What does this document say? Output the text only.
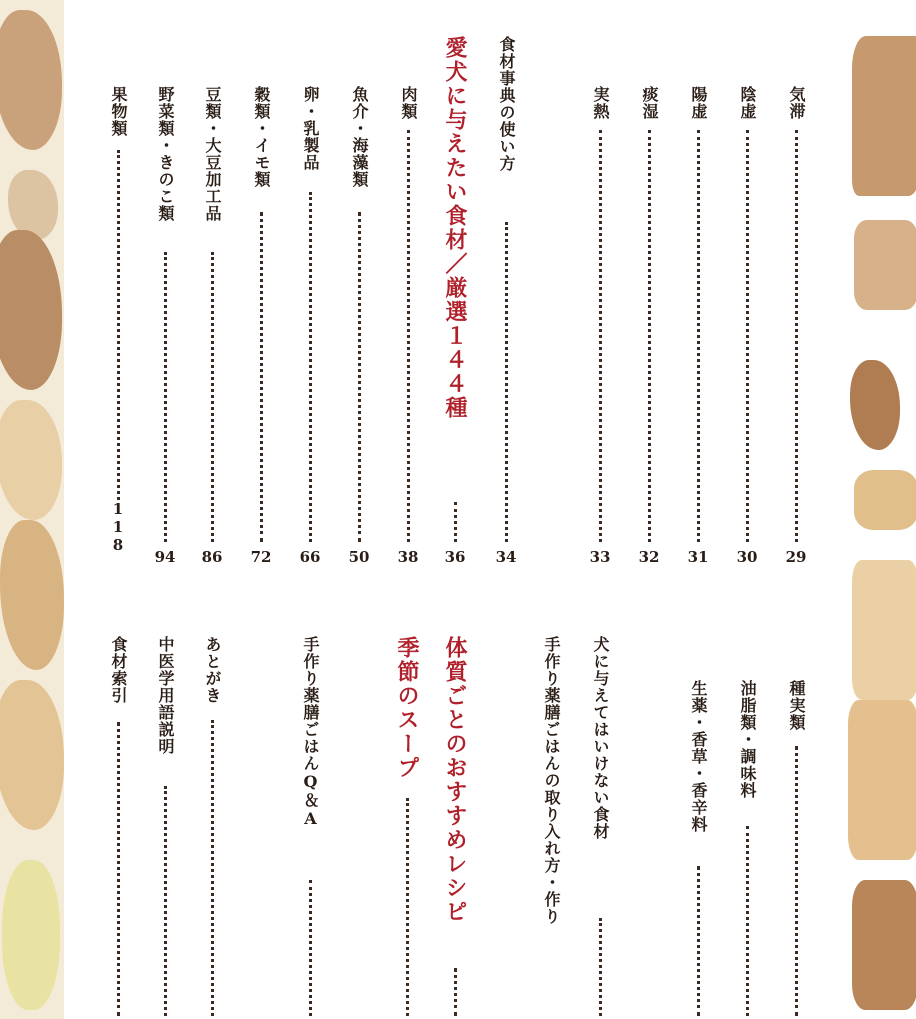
気滞
29
陰虚
30
陽虚
31
痰湿
32
実熱
33
食材事典の使い方
34
愛犬に与えたい食材／厳選１４４種
36
肉類
38
魚介・海藻類
50
卵・乳製品
66
穀類・イモ類
72
豆類・大豆加工品
86
野菜類・きのこ類
94
果物類
118
種実類
油脂類・調味料
生薬・香草・香辛料
犬に与えてはいけない食材
手作り薬膳ごはんの取り入れ方・作り
体質ごとのおすすめレシピ
季節のスープ
手作り薬膳ごはんQ＆A
あとがき
中医学用語説明
食材索引
